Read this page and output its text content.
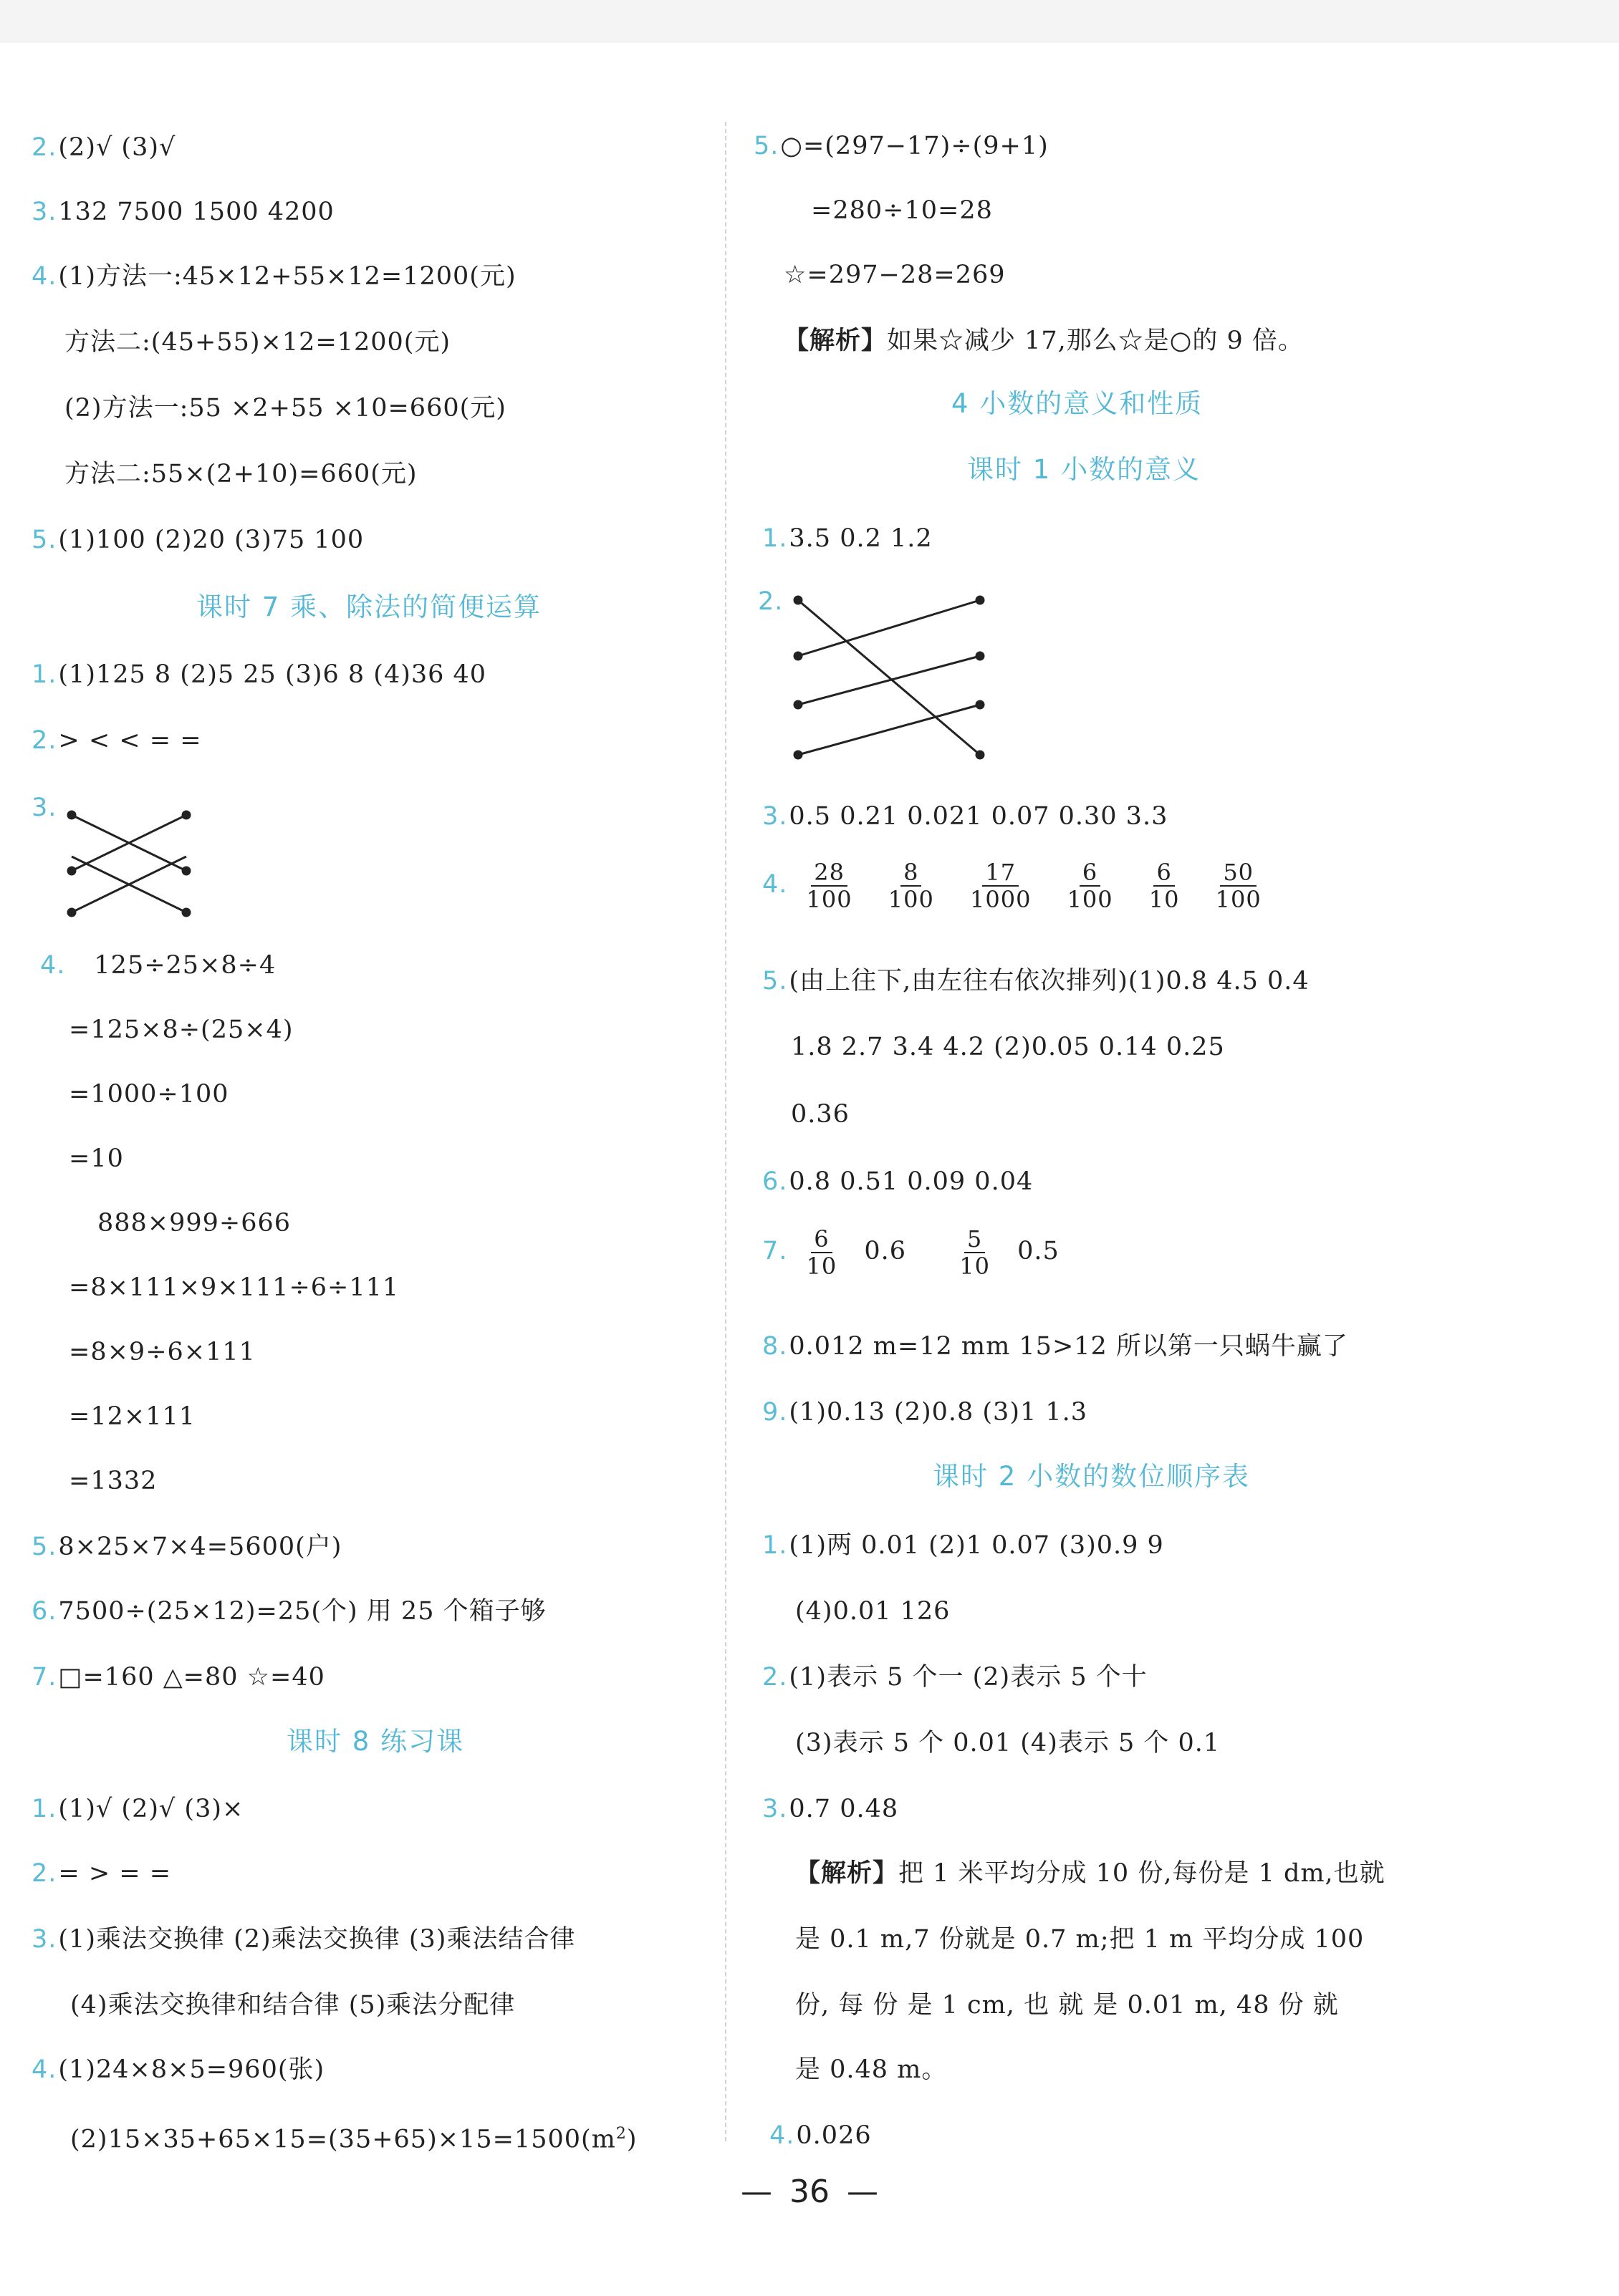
2.(2)√ (3)√
3.132 7500 1500 4200
4.(1)方法一:45×12+55×12=1200(元)
方法二:(45+55)×12=1200(元)
(2)方法一:55 ×2+55 ×10=660(元)
方法二:55×(2+10)=660(元)
5.(1)100 (2)20 (3)75 100
课时 7 乘、除法的简便运算
1.(1)125 8 (2)5 25 (3)6 8 (4)36 40
2.> < < = =
3.
4. 125÷25×8÷4
=125×8÷(25×4)
=1000÷100
=10
888×999÷666
=8×111×9×111÷6÷111
=8×9÷6×111
=12×111
=1332
5.8×25×7×4=5600(户)
6.7500÷(25×12)=25(个) 用 25 个箱子够
7.□=160 △=80 ☆=40
课时 8 练习课
1.(1)√ (2)√ (3)×
2.= > = =
3.(1)乘法交换律 (2)乘法交换律 (3)乘法结合律
(4)乘法交换律和结合律 (5)乘法分配律
4.(1)24×8×5=960(张)
$(2)15\times 35+65\times 15=(35+65)\times 15=1500(m^2)$
5.○=(297−17)÷(9+1)
=280÷10=28
☆=297−28=269
【解析】如果☆减少 17,那么☆是○的 9 倍。
4 小数的意义和性质
课时 1 小数的意义
1.3.5 0.2 1.2
2.
3.0.5 0.21 0.021 0.07 0.30 3.3
4. $\frac{28}{100}$
$\frac{8}{100}$
$\frac{17}{1000}$
$\frac{6}{100}$
$\frac{6}{10}$
$\frac{50}{100}$
5.(由上往下,由左往右依次排列)(1)0.8 4.5 0.4
1.8 2.7 3.4 4.2 (2)0.05 0.14 0.25
0.36
6.0.8 0.51 0.09 0.04
7. $\frac{6}{10} 0.6 \frac{5}{10} 0.5$
8.0.012 m=12 mm 15>12 所以第一只蜗牛赢了
9.(1)0.13 (2)0.8 (3)1 1.3
课时 2 小数的数位顺序表
1.(1)两 0.01 (2)1 0.07 (3)0.9 9
(4)0.01 126
2.(1)表示 5 个一 (2)表示 5 个十
(3)表示 5 个 0.01 (4)表示 5 个 0.1
3.0.7 0.48
【解析】把 1 米平均分成 10 份,每份是 1 dm,也就
是 0.1 m,7 份就是 0.7 m;把 1 m 平均分成 100
份, 每 份 是 1 cm, 也 就 是 0.01 m, 48 份 就
是 0.48 m。
4.0.026
— 36 —
